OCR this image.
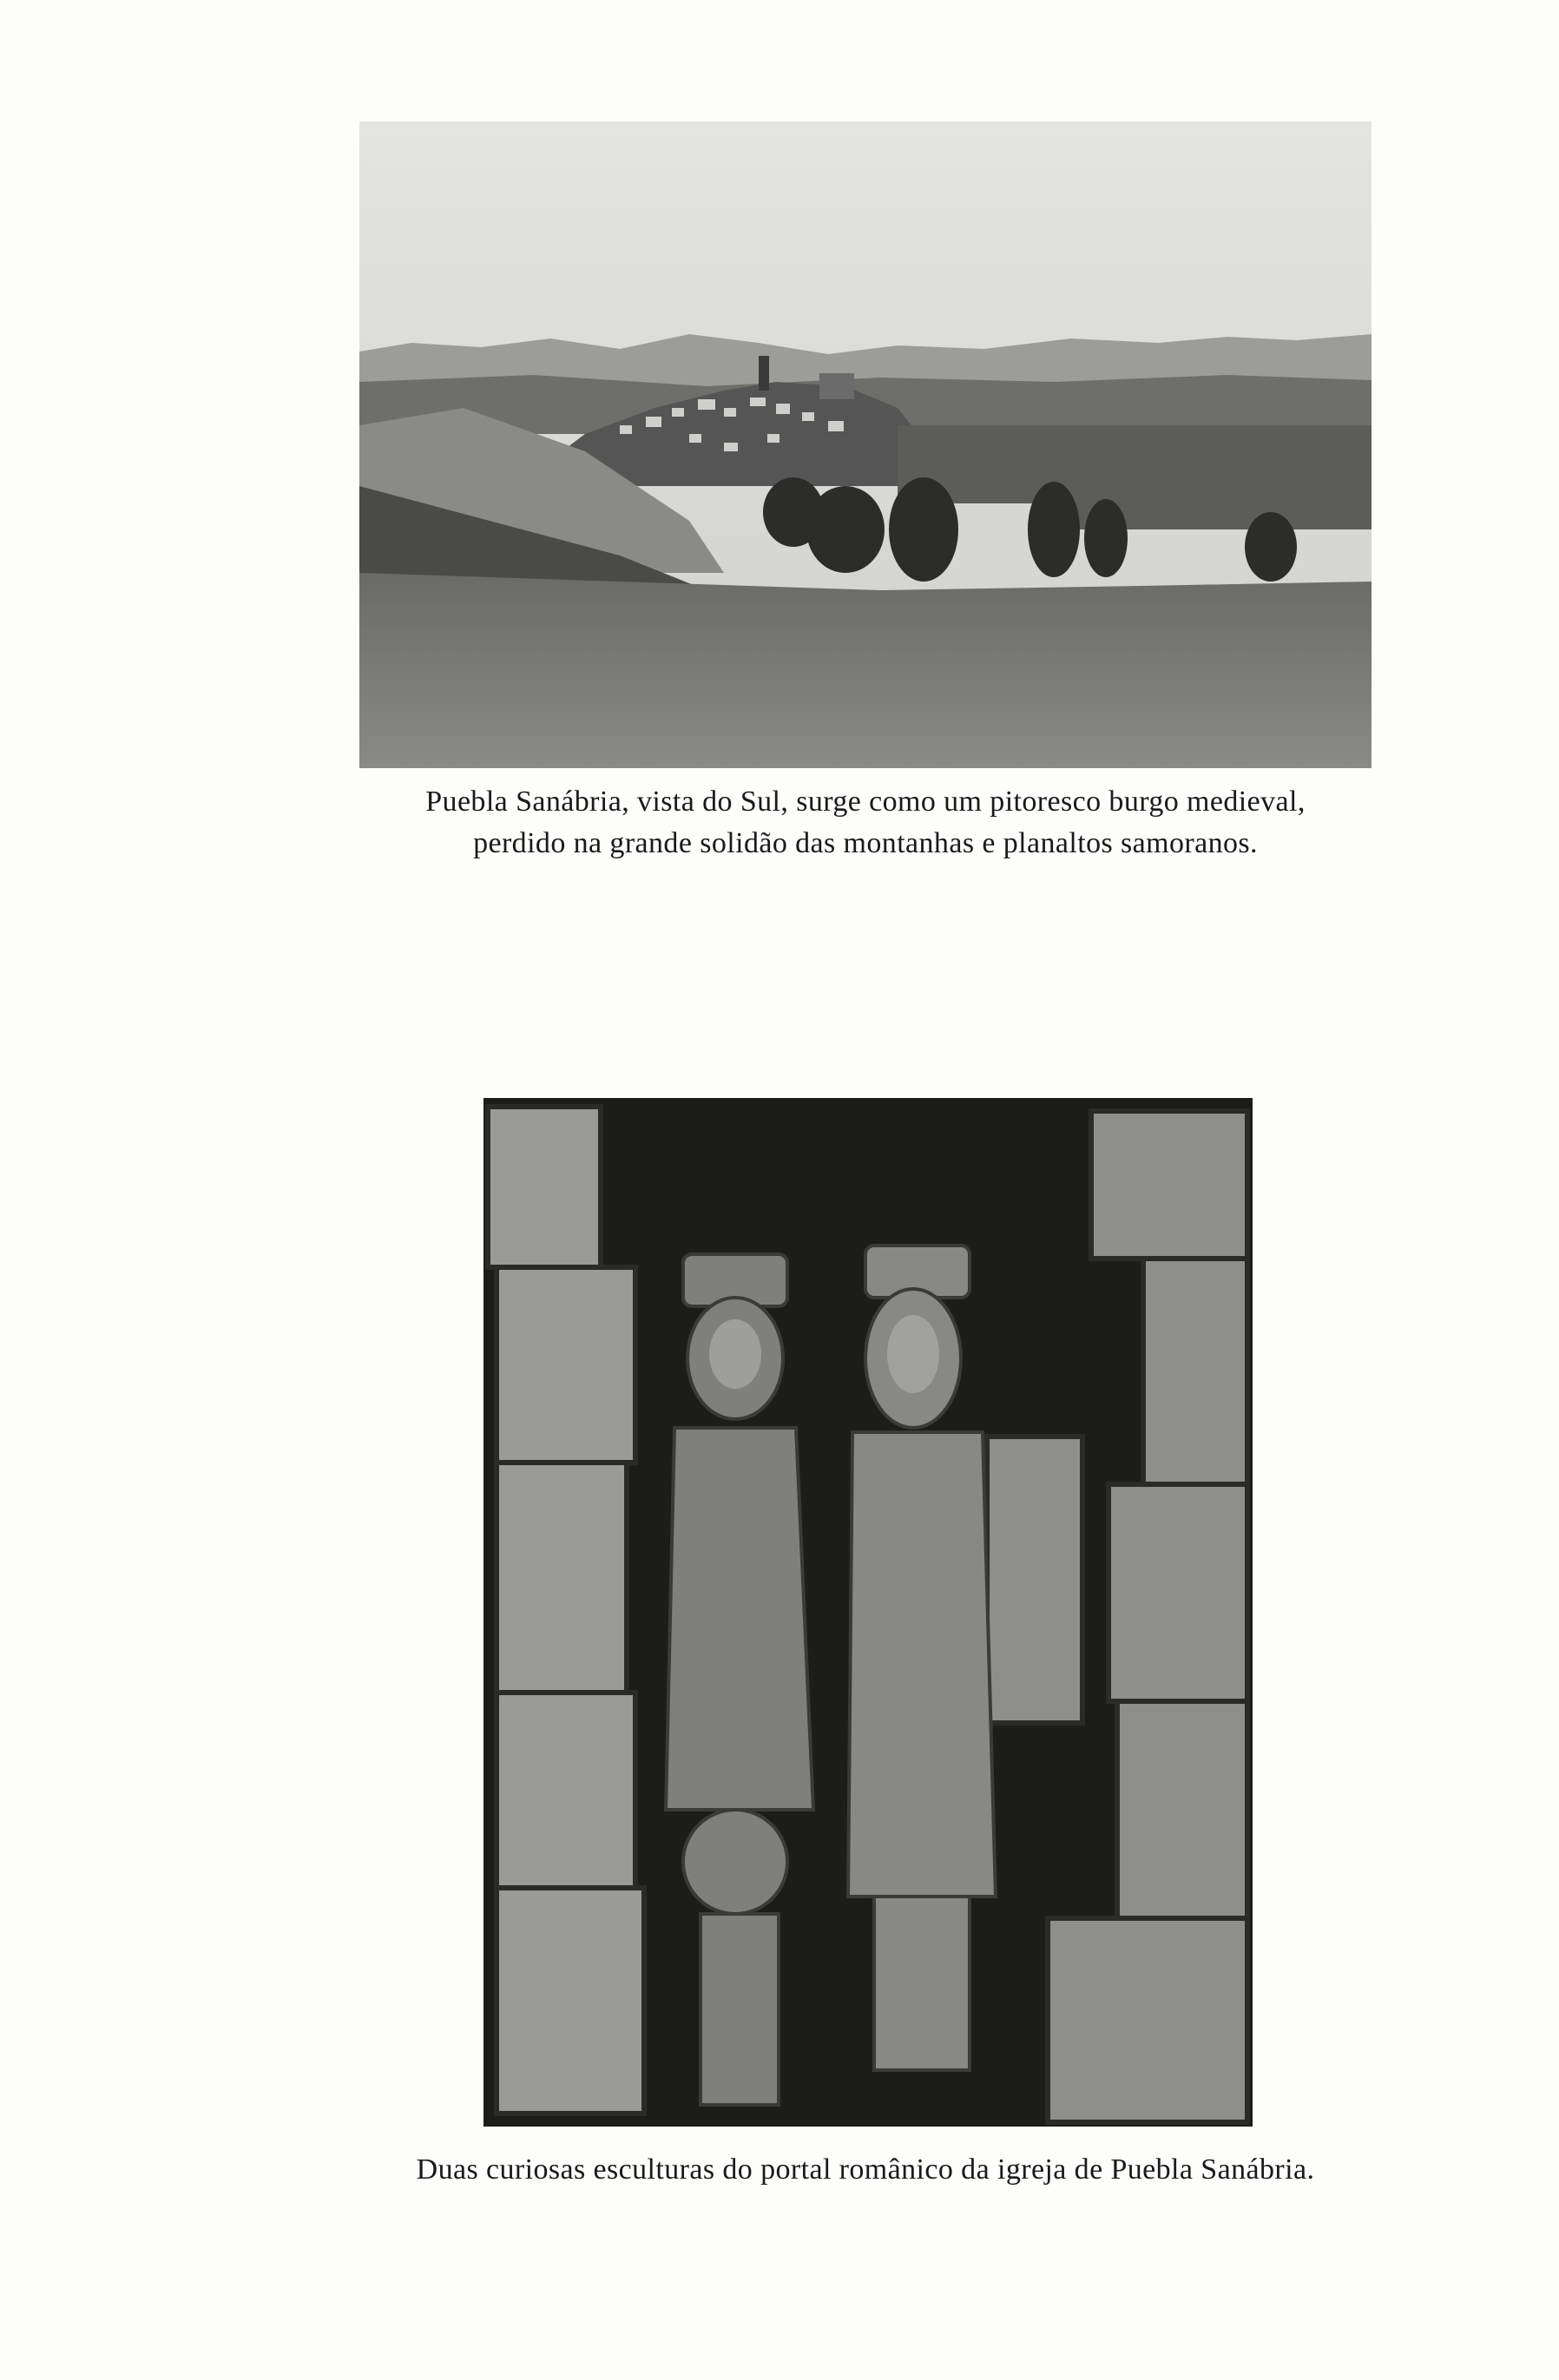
Puebla Sanábria, vista do Sul, surge como um pitoresco burgo medieval,
perdido na grande solidão das montanhas e planaltos samoranos.
Duas curiosas esculturas do portal românico da igreja de Puebla Sanábria.
